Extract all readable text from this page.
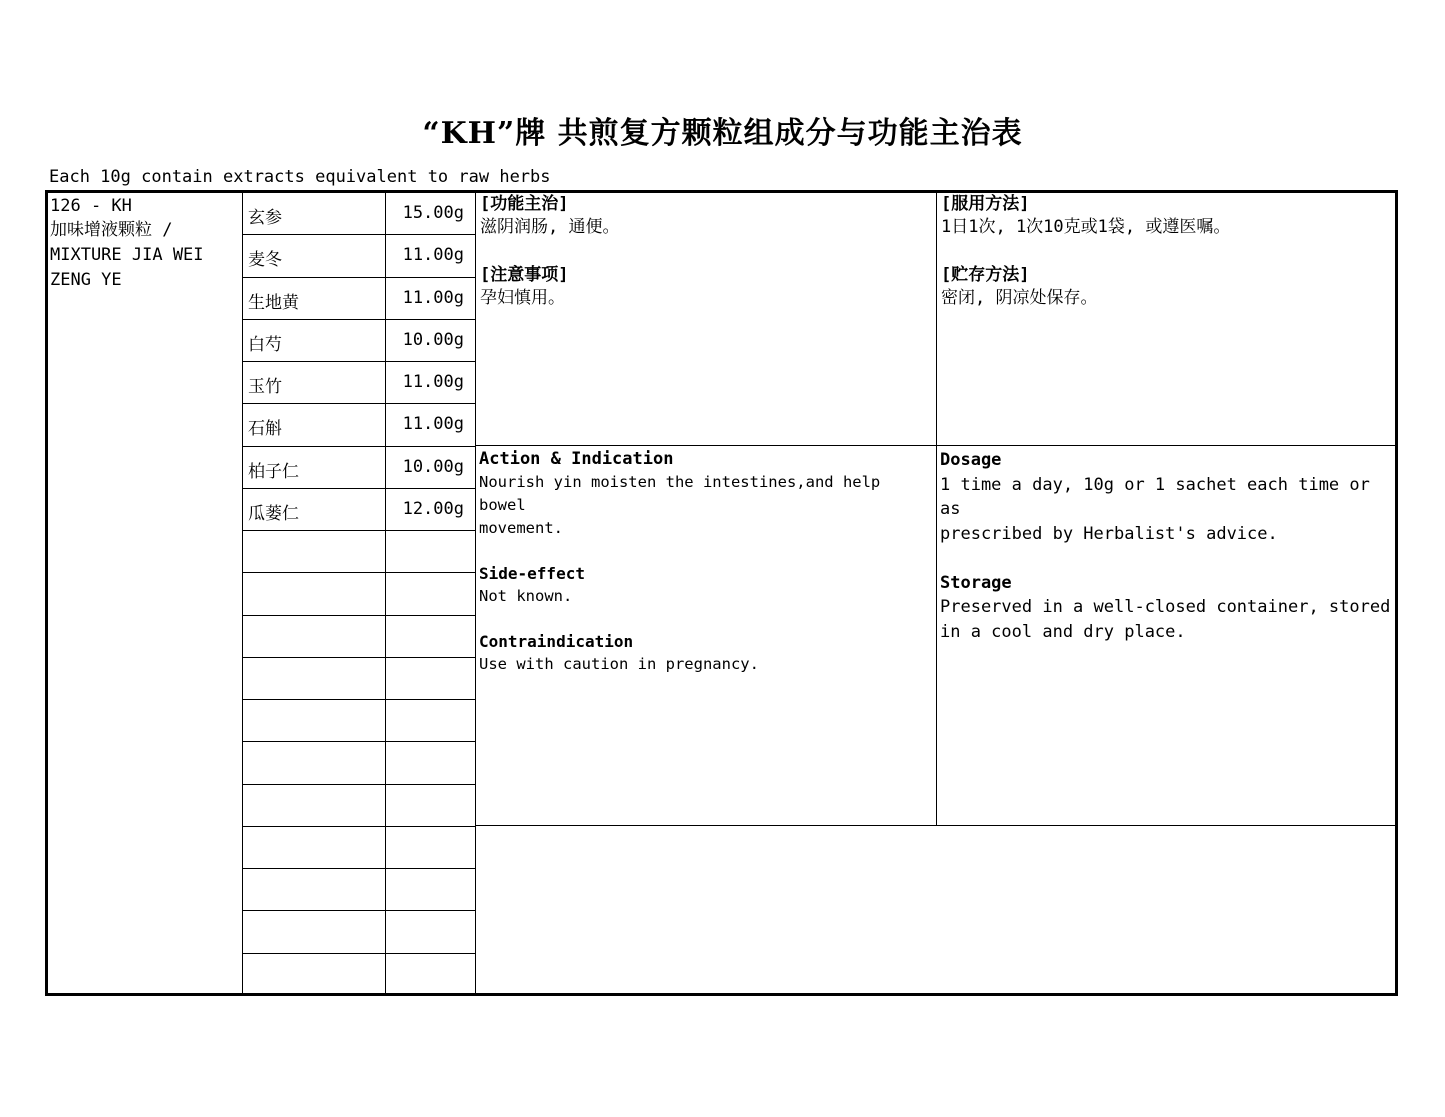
“KH”牌 共煎复方颗粒组成分与功能主治表
Each 10g contain extracts equivalent to raw herbs
126 - KH
加味增液颗粒 /
MIXTURE JIA WEI
ZENG YE
玄参	15.00g
麦冬	11.00g
生地黄	11.00g
白芍	10.00g
玉竹	11.00g
石斛	11.00g
柏子仁	10.00g
瓜蒌仁	12.00g

[功能主治]

滋阴润肠, 通便。

[注意事项]

孕妇慎用。

[服用方法]

1日1次, 1次10克或1袋, 或遵医嘱。

[贮存方法]

密闭, 阴凉处保存。

Action & Indication

Nourish yin moisten the intestines,and help bowel

movement.

Side-effect

Not known.

Contraindication

Use with caution in pregnancy.

Dosage

1 time a day, 10g or 1 sachet each time or as

prescribed by Herbalist's advice.

Storage

Preserved in a well-closed container, stored

in a cool and dry place.
